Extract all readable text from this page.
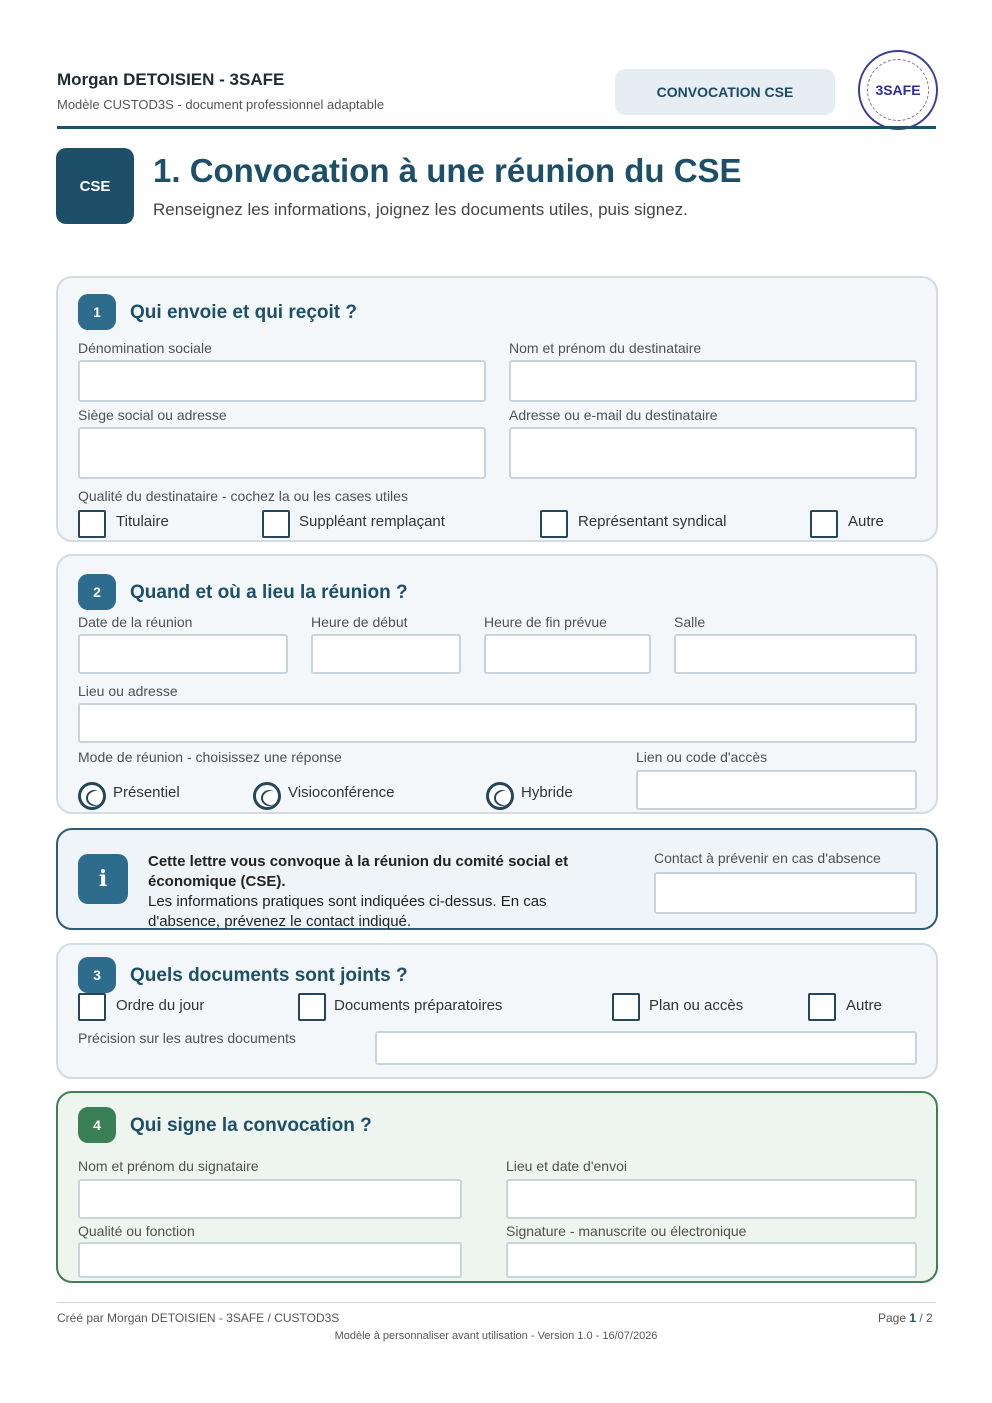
Morgan DETOISIEN - 3SAFE
Modèle CUSTOD3S - document professionnel adaptable
CONVOCATION CSE	3SAFE
CSE	1. Convocation à une réunion du CSE
Renseignez les informations, joignez les documents utiles, puis signez.
1	Qui envoie et qui reçoit ?
Dénomination sociale	Nom et prénom du destinataire
Siège social ou adresse	Adresse ou e-mail du destinataire
Qualité du destinataire - cochez la ou les cases utiles
Titulaire	Suppléant remplaçant	Représentant syndical	Autre
2	Quand et où a lieu la réunion ?
Date de la réunion	Heure de début	Heure de fin prévue	Salle
Lieu ou adresse
Mode de réunion - choisissez une réponse
Présentiel	Visioconférence	Hybride
Lien ou code d'accès
i
Cette lettre vous convoque à la réunion du comité social et économique (CSE).
Les informations pratiques sont indiquées ci-dessus. En cas d'absence, prévenez le contact indiqué.
Contact à prévenir en cas d'absence
3	Quels documents sont joints ?
Ordre du jour	Documents préparatoires	Plan ou accès	Autre
Précision sur les autres documents
4	Qui signe la convocation ?
Nom et prénom du signataire	Lieu et date d'envoi
Qualité ou fonction	Signature - manuscrite ou électronique
Créé par Morgan DETOISIEN - 3SAFE / CUSTOD3S	Page 1 / 2
Modèle à personnaliser avant utilisation - Version 1.0 - 16/07/2026
